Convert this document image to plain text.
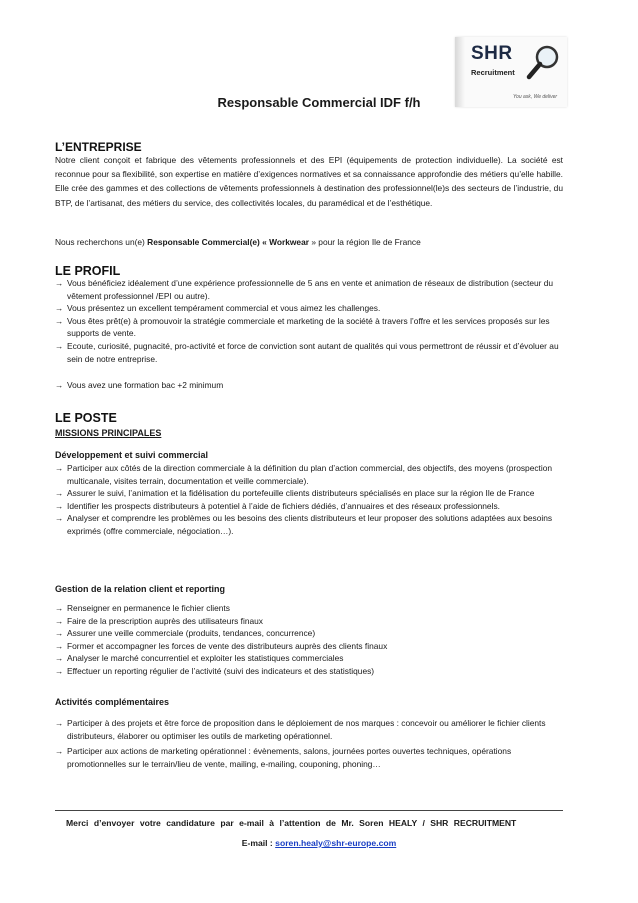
SHR
Recruitment
You ask, We deliver
Responsable Commercial IDF f/h
L’ENTREPRISE
Notre client conçoit et fabrique des vêtements professionnels et des EPI (équipements de protection individuelle). La société est reconnue pour sa flexibilité, son expertise en matière d’exigences normatives et sa connaissance approfondie des métiers qu’elle habille. Elle crée des gammes et des collections de vêtements professionnels à destination des professionnel(le)s des secteurs de l’industrie, du BTP, de l’artisanat, des métiers du service, des collectivités locales, du paramédical et de l’esthétique.
Nous recherchons un(e) Responsable Commercial(e) « Workwear » pour la région Ile de France
LE PROFIL
→ Vous bénéficiez idéalement d’une expérience professionnelle de 5 ans en vente et animation de réseaux de distribution (secteur du vêtement professionnel /EPI ou autre).
→ Vous présentez un excellent tempérament commercial et vous aimez les challenges.
→ Vous êtes prêt(e) à promouvoir la stratégie commerciale et marketing de la société à travers l’offre et les services proposés sur les supports de vente.
→ Ecoute, curiosité, pugnacité, pro-activité et force de conviction sont autant de qualités qui vous permettront de réussir et d’évoluer au sein de notre entreprise.
→ Vous avez une formation bac +2 minimum
LE POSTE
MISSIONS PRINCIPALES
Développement et suivi commercial
→ Participer aux côtés de la direction commerciale à la définition du plan d’action commercial, des objectifs, des moyens (prospection multicanale, visites terrain, documentation et veille commerciale).
→ Assurer le suivi, l’animation et la fidélisation du portefeuille clients distributeurs spécialisés en place sur la région Ile de France
→ Identifier les prospects distributeurs à potentiel à l’aide de fichiers dédiés, d’annuaires et des réseaux professionnels.
→ Analyser et comprendre les problèmes ou les besoins des clients distributeurs et leur proposer des solutions adaptées aux besoins exprimés (offre commerciale, négociation…).
Gestion de la relation client et reporting
→ Renseigner en permanence le fichier clients
→ Faire de la prescription auprès des utilisateurs finaux
→ Assurer une veille commerciale (produits, tendances, concurrence)
→ Former et accompagner les forces de vente des distributeurs auprès des clients finaux
→ Analyser le marché concurrentiel et exploiter les statistiques commerciales
→ Effectuer un reporting régulier de l’activité (suivi des indicateurs et des statistiques)
Activités complémentaires
→ Participer à des projets et être force de proposition dans le déploiement de nos marques : concevoir ou améliorer le fichier clients distributeurs, élaborer ou optimiser les outils de marketing opérationnel.
→ Participer aux actions de marketing opérationnel : évènements, salons, journées portes ouvertes techniques, opérations promotionnelles sur le terrain/lieu de vente, mailing, e-mailing, couponing, phoning…
Merci d’envoyer votre candidature par e-mail à l’attention de Mr. Soren HEALY / SHR RECRUITMENT
E-mail : soren.healy@shr-europe.com
